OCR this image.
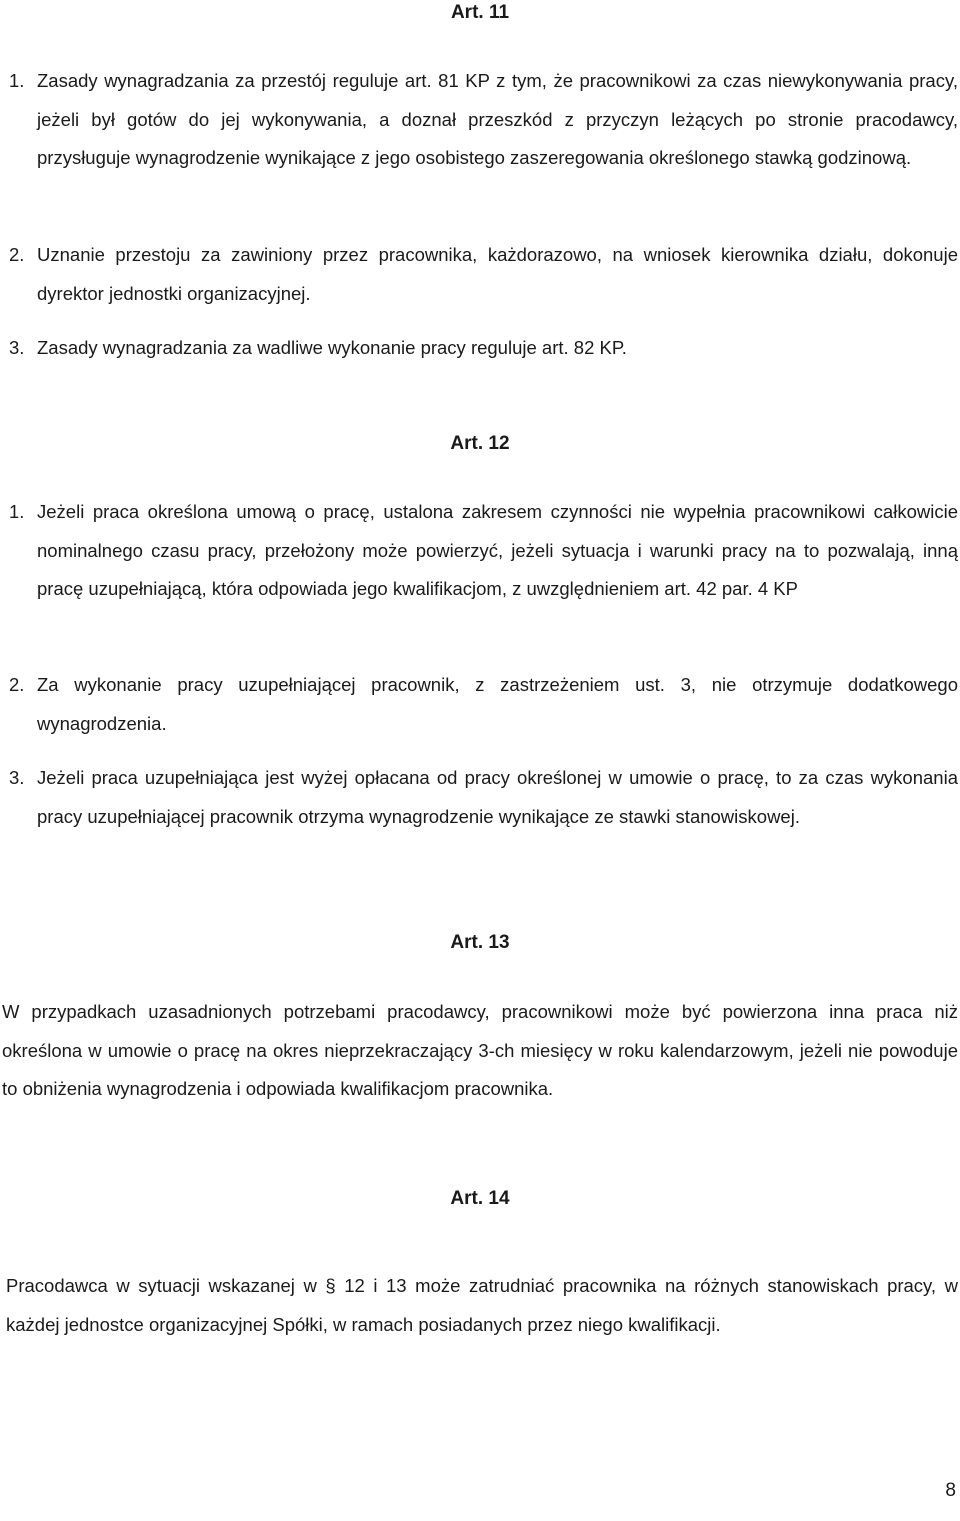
Art. 11
1. Zasady wynagradzania za przestój reguluje art. 81 KP z tym, że pracownikowi za czas niewykonywania pracy, jeżeli był gotów do jej wykonywania, a doznał przeszkód z przyczyn leżących po stronie pracodawcy, przysługuje wynagrodzenie wynikające z jego osobistego zaszeregowania określonego stawką godzinową.
2. Uznanie przestoju za zawiniony przez pracownika, każdorazowo, na wniosek kierownika działu, dokonuje dyrektor jednostki organizacyjnej.
3. Zasady wynagradzania za wadliwe wykonanie pracy reguluje art. 82 KP.
Art. 12
1. Jeżeli praca określona umową o pracę, ustalona zakresem czynności nie wypełnia pracownikowi całkowicie nominalnego czasu pracy, przełożony może powierzyć, jeżeli sytuacja i warunki pracy na to pozwalają, inną pracę uzupełniającą, która odpowiada jego kwalifikacjom, z uwzględnieniem art. 42 par. 4 KP
2. Za wykonanie pracy uzupełniającej pracownik, z zastrzeżeniem ust. 3, nie otrzymuje dodatkowego wynagrodzenia.
3. Jeżeli praca uzupełniająca jest wyżej opłacana od pracy określonej w umowie o pracę, to za czas wykonania pracy uzupełniającej pracownik otrzyma wynagrodzenie wynikające ze stawki stanowiskowej.
Art. 13
W przypadkach uzasadnionych potrzebami pracodawcy, pracownikowi może być powierzona inna praca niż określona w umowie o pracę na okres nieprzekraczający 3-ch miesięcy w roku kalendarzowym, jeżeli nie powoduje to obniżenia wynagrodzenia i odpowiada kwalifikacjom pracownika.
Art. 14
Pracodawca w sytuacji wskazanej w § 12 i 13 może zatrudniać pracownika na różnych stanowiskach pracy, w każdej jednostce organizacyjnej Spółki, w ramach posiadanych przez niego kwalifikacji.
8
